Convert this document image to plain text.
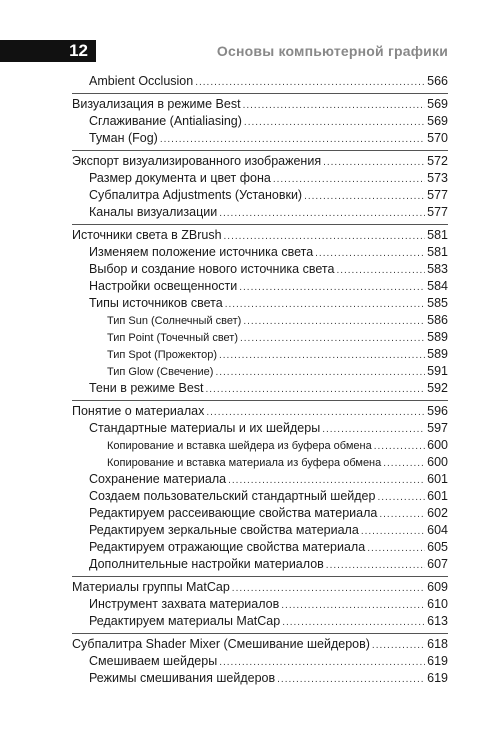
12	Основы компьютерной графики
Ambient Occlusion .....	566
Визуализация в режиме Best .....	569
Сглаживание (Antialiasing) .....	569
Туман (Fog) .....	570
Экспорт визуализированного изображения .....	572
Размер документа и цвет фона .....	573
Субпалитра Adjustments (Установки) .....	577
Каналы визуализации .....	577
Источники света в ZBrush .....	581
Изменяем положение источника света .....	581
Выбор и создание нового источника света .....	583
Настройки освещенности .....	584
Типы источников света .....	585
Тип Sun (Солнечный свет) .....	586
Тип Point (Точечный свет) .....	589
Тип Spot (Прожектор) .....	589
Тип Glow (Свечение) .....	591
Тени в режиме Best .....	592
Понятие о материалах .....	596
Стандартные материалы и их шейдеры .....	597
Копирование и вставка шейдера из буфера обмена .....	600
Копирование и вставка материала из буфера обмена .....	600
Сохранение материала .....	601
Создаем пользовательский стандартный шейдер .....	601
Редактируем рассеивающие свойства материала .....	602
Редактируем зеркальные свойства материала .....	604
Редактируем отражающие свойства материала .....	605
Дополнительные настройки материалов .....	607
Материалы группы MatCap .....	609
Инструмент захвата материалов .....	610
Редактируем материалы MatCap .....	613
Субпалитра Shader Mixer (Смешивание шейдеров) .....	618
Смешиваем шейдеры .....	619
Режимы смешивания шейдеров .....	619
